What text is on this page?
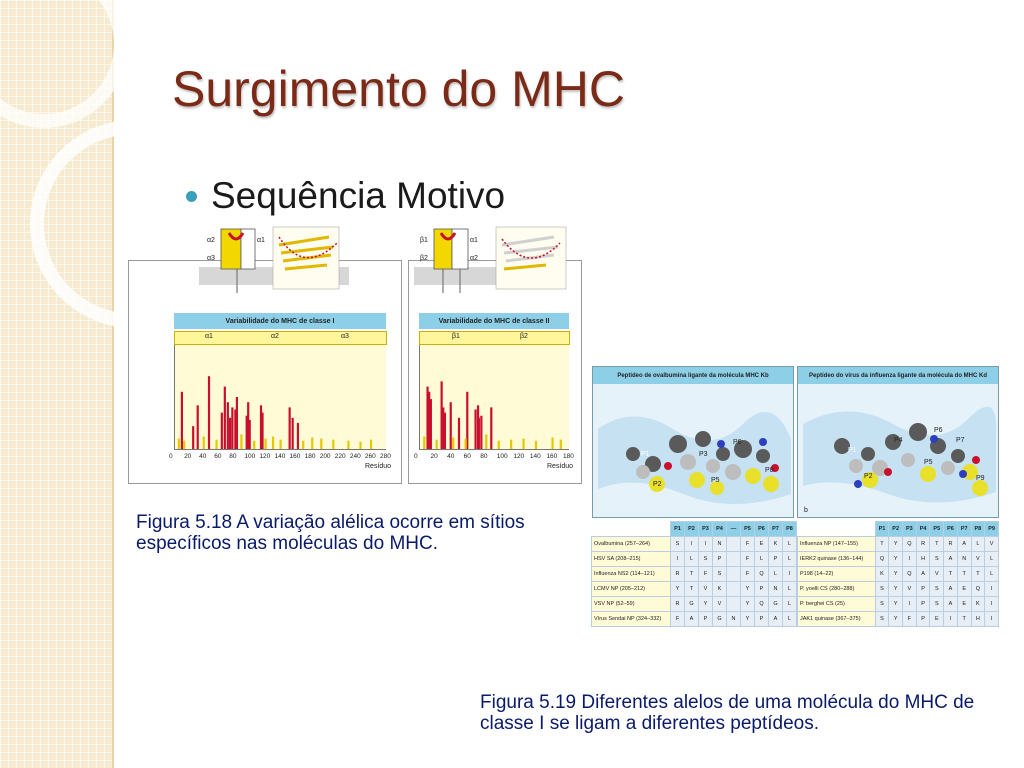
Surgimento do MHC
Sequência Motivo
α2
α3
α1
Variabilidade do MHC de classe I
α1	α2	α3
0 20 40 60 80 100 120 140 160 180 200 220 240 260 280
Resíduo
β1
β2
α1
α2
Variabilidade do MHC de classe II
β1	β2
0 20 40 60 80 100 120 140 160 180
Resíduo
Figura 5.18 A variação alélica ocorre em sítios
específicos nas moléculas do MHC.
Peptídeo de ovalbumina ligante da molécula MHC Kb
P1
P2
P3
P5
P6
P8
Peptídeo do vírus da influenza ligante da molécula do MHC Kd
P1
P2
P4
P5
P6
P7
P9
b
	P1	P2	P3	P4	—	P5	P6	P7	P8
Ovalbumina (257–264)	S	I	I	N		F	E	K	L
HSV SA (208–215)	I	L	S	P		F	L	P	L
Influenza NS2 (114–121)	R	T	F	S		F	Q	L	I
LCMV NP (205–212)	Y	T	V	K		Y	P	N	L
VSV NP (52–59)	R	G	Y	V		Y	Q	G	L
Vírus Sendai NP (324–332)	F	A	P	G	N	Y	P	A	L
	P1	P2	P3	P4	P5	P6	P7	P8	P9
Influenza NP (147–155)	T	Y	Q	R	T	R	A	L	V
IERK2 quinase (136–144)	Q	Y	I	H	S	A	N	V	L
P198 (14–22)	K	Y	Q	A	V	T	T	T	L
P. yoelli CS (280–288)	S	Y	V	P	S	A	E	Q	I
P. berghei CS (25)	S	Y	I	P	S	A	E	K	I
JAK1 quinase (367–375)	S	Y	F	P	E	I	T	H	I
Figura 5.19 Diferentes alelos de uma molécula do MHC de
classe I se ligam a diferentes peptídeos.
